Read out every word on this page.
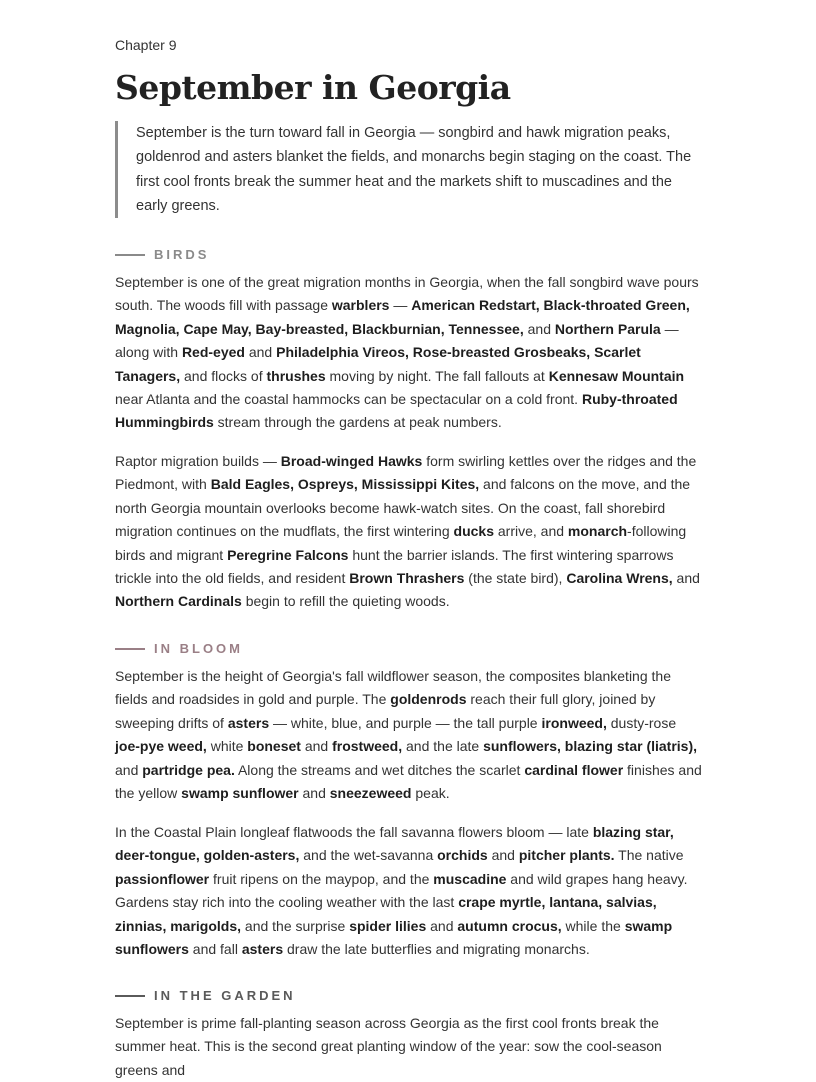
Chapter 9
September in Georgia
September is the turn toward fall in Georgia — songbird and hawk migration peaks, goldenrod and asters blanket the fields, and monarchs begin staging on the coast. The first cool fronts break the summer heat and the markets shift to muscadines and the early greens.
BIRDS

September is one of the great migration months in Georgia, when the fall songbird wave pours south. The woods fill with passage warblers — American Redstart, Black-throated Green, Magnolia, Cape May, Bay-breasted, Blackburnian, Tennessee, and Northern Parula — along with Red-eyed and Philadelphia Vireos, Rose-breasted Grosbeaks, Scarlet Tanagers, and flocks of thrushes moving by night. The fall fallouts at Kennesaw Mountain near Atlanta and the coastal hammocks can be spectacular on a cold front. Ruby-throated Hummingbirds stream through the gardens at peak numbers.

Raptor migration builds — Broad-winged Hawks form swirling kettles over the ridges and the Piedmont, with Bald Eagles, Ospreys, Mississippi Kites, and falcons on the move, and the north Georgia mountain overlooks become hawk-watch sites. On the coast, fall shorebird migration continues on the mudflats, the first wintering ducks arrive, and monarch-following birds and migrant Peregrine Falcons hunt the barrier islands. The first wintering sparrows trickle into the old fields, and resident Brown Thrashers (the state bird), Carolina Wrens, and Northern Cardinals begin to refill the quieting woods.

IN BLOOM

September is the height of Georgia's fall wildflower season, the composites blanketing the fields and roadsides in gold and purple. The goldenrods reach their full glory, joined by sweeping drifts of asters — white, blue, and purple — the tall purple ironweed, dusty-rose joe-pye weed, white boneset and frostweed, and the late sunflowers, blazing star (liatris), and partridge pea. Along the streams and wet ditches the scarlet cardinal flower finishes and the yellow swamp sunflower and sneezeweed peak.

In the Coastal Plain longleaf flatwoods the fall savanna flowers bloom — late blazing star, deer-tongue, golden-asters, and the wet-savanna orchids and pitcher plants. The native passionflower fruit ripens on the maypop, and the muscadine and wild grapes hang heavy. Gardens stay rich into the cooling weather with the last crape myrtle, lantana, salvias, zinnias, marigolds, and the surprise spider lilies and autumn crocus, while the swamp sunflowers and fall asters draw the late butterflies and migrating monarchs.

IN THE GARDEN

September is prime fall-planting season across Georgia as the first cool fronts break the summer heat. This is the second great planting window of the year: sow the cool-season greens and
